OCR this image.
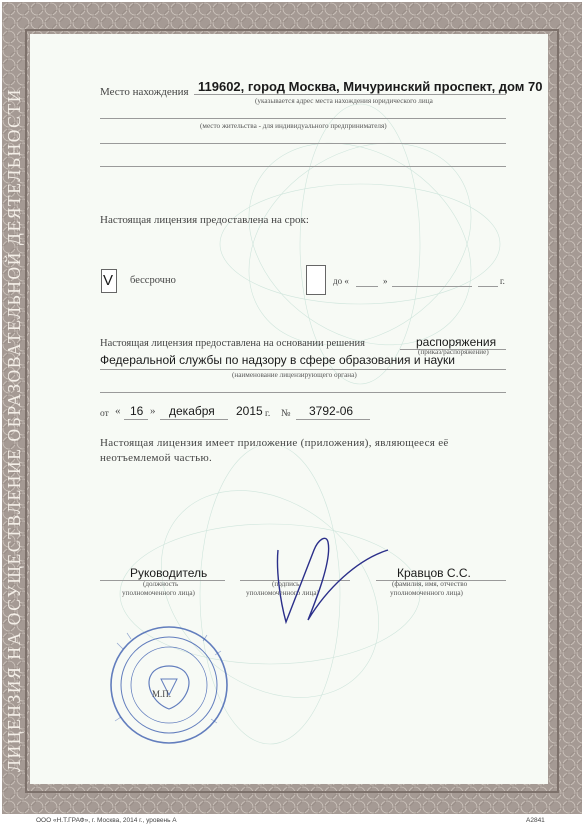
ЛИЦЕНЗИЯ НА ОСУЩЕСТВЛЕНИЕ ОБРАЗОВАТЕЛЬНОЙ ДЕЯТЕЛЬНОСТИ	Место нахождения 119602, город Москва, Мичуринский проспект, дом 70
(указывается адрес места нахождения юридического лица
(место жительства - для индивидуального предпринимателя)
Настоящая лицензия предоставлена на срок:
V бессрочно	до «	»	г.
Настоящая лицензия предоставлена на основании решения	распоряжения
(приказ/распоряжение)
Федеральной службы по надзору в сфере образования и науки
(наименование лицензирующего органа)
от « 16 » декабря 2015 г. № 3792-06
Настоящая лицензия имеет приложение (приложения), являющееся её
неотъемлемой частью.
Руководитель
(должность
уполномоченного лица)
(подпись
уполномоченного лица)
Кравцов С.С.
(фамилия, имя, отчество
уполномоченного лица)
М.П.
ООО «Н.Т.ГРАФ», г. Москва, 2014 г., уровень А	А2841
